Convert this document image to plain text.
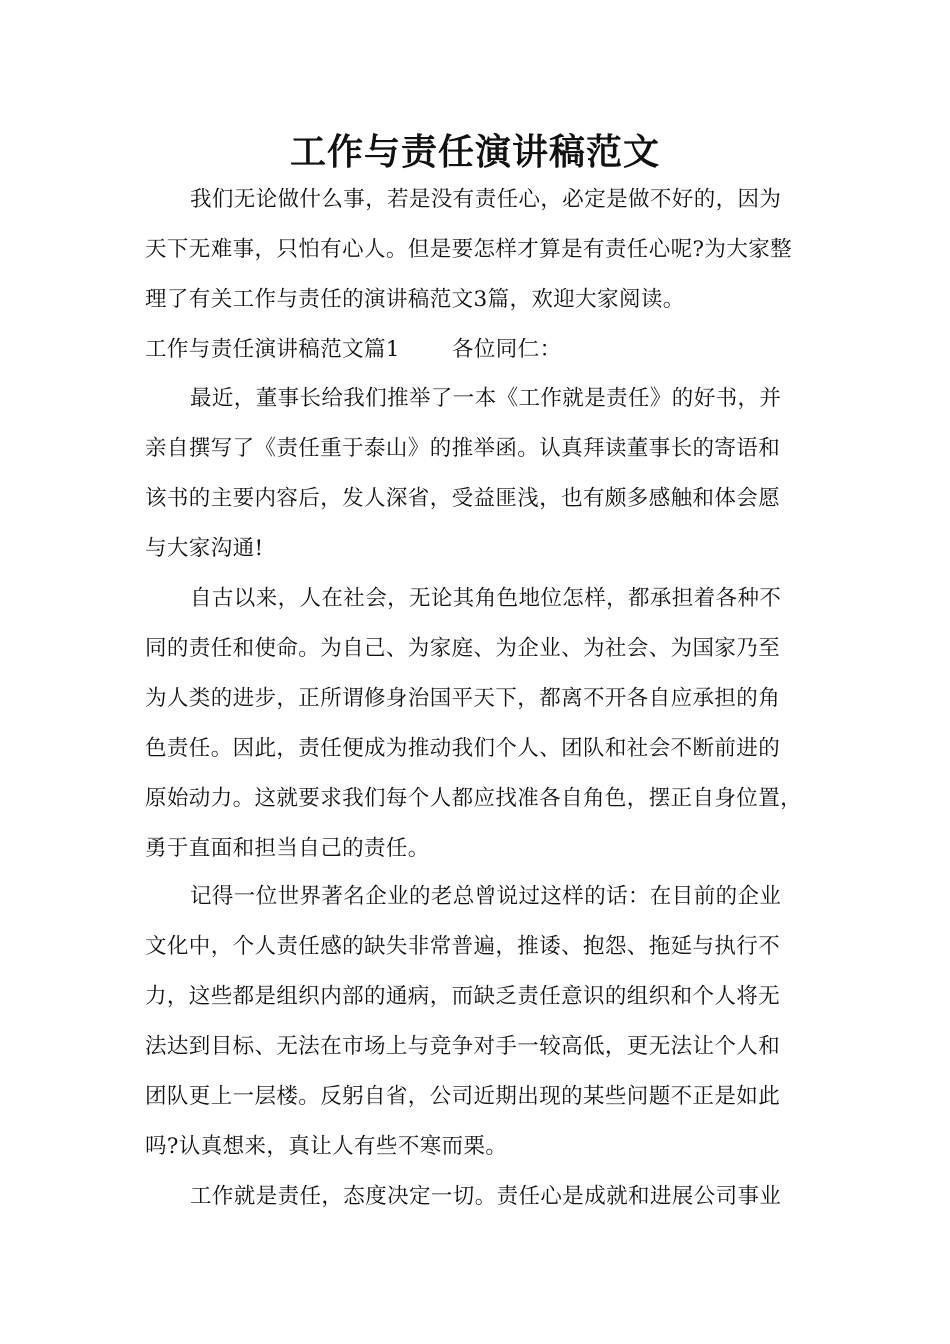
工作与责任演讲稿范文
我们无论做什么事，若是没有责任心，必定是做不好的，因为
天下无难事，只怕有心人。但是要怎样才算是有责任心呢?为大家整
理了有关工作与责任的演讲稿范文3篇，欢迎大家阅读。
工作与责任演讲稿范文篇1 各位同仁：
最近，董事长给我们推举了一本《工作就是责任》的好书，并
亲自撰写了《责任重于泰山》的推举函。认真拜读董事长的寄语和
该书的主要内容后，发人深省，受益匪浅，也有颇多感触和体会愿
与大家沟通!
自古以来，人在社会，无论其角色地位怎样，都承担着各种不
同的责任和使命。为自己、为家庭、为企业、为社会、为国家乃至
为人类的进步，正所谓修身治国平天下，都离不开各自应承担的角
色责任。因此，责任便成为推动我们个人、团队和社会不断前进的
原始动力。这就要求我们每个人都应找准各自角色，摆正自身位置，
勇于直面和担当自己的责任。
记得一位世界著名企业的老总曾说过这样的话：在目前的企业
文化中，个人责任感的缺失非常普遍，推诿、抱怨、拖延与执行不
力，这些都是组织内部的通病，而缺乏责任意识的组织和个人将无
法达到目标、无法在市场上与竞争对手一较高低，更无法让个人和
团队更上一层楼。反躬自省，公司近期出现的某些问题不正是如此
吗?认真想来，真让人有些不寒而栗。
工作就是责任，态度决定一切。责任心是成就和进展公司事业
